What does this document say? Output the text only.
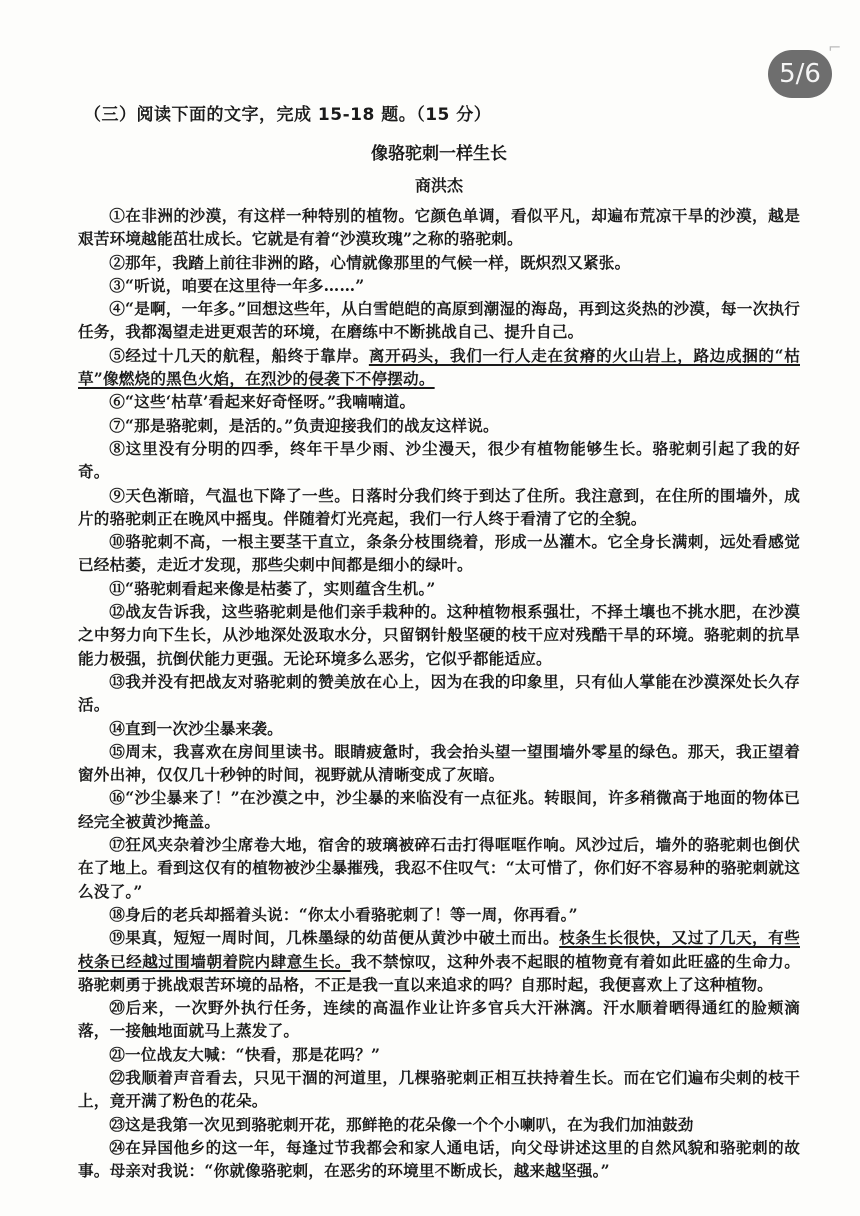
⌐
5/6
（三）阅读下面的文字，完成 15-18 题。（15 分）
像骆驼刺一样生长
商洪杰

①在非洲的沙漠，有这样一种特别的植物。它颜色单调，看似平凡，却遍布荒凉干旱的沙漠，越是艰苦环境越能茁壮成长。它就是有着“沙漠玫瑰”之称的骆驼刺。

②那年，我踏上前往非洲的路，心情就像那里的气候一样，既炽烈又紧张。

③“听说，咱要在这里待一年多……”

④“是啊，一年多。”回想这些年，从白雪皑皑的高原到潮湿的海岛，再到这炎热的沙漠，每一次执行任务，我都渴望走进更艰苦的环境，在磨练中不断挑战自己、提升自己。

⑤经过十几天的航程，船终于靠岸。离开码头，我们一行人走在贫瘠的火山岩上，路边成捆的“枯草”像燃烧的黑色火焰，在烈沙的侵袭下不停摆动。

⑥“这些‘枯草’看起来好奇怪呀。”我喃喃道。

⑦“那是骆驼刺，是活的。”负责迎接我们的战友这样说。

⑧这里没有分明的四季，终年干旱少雨、沙尘漫天，很少有植物能够生长。骆驼刺引起了我的好奇。

⑨天色渐暗，气温也下降了一些。日落时分我们终于到达了住所。我注意到，在住所的围墙外，成片的骆驼刺正在晚风中摇曳。伴随着灯光亮起，我们一行人终于看清了它的全貌。

⑩骆驼刺不高，一根主要茎干直立，条条分枝围绕着，形成一丛灌木。它全身长满刺，远处看感觉已经枯萎，走近才发现，那些尖刺中间都是细小的绿叶。

⑪“骆驼刺看起来像是枯萎了，实则蕴含生机。”

⑫战友告诉我，这些骆驼刺是他们亲手栽种的。这种植物根系强壮，不择土壤也不挑水肥，在沙漠之中努力向下生长，从沙地深处汲取水分，只留钢针般坚硬的枝干应对残酷干旱的环境。骆驼刺的抗旱能力极强，抗倒伏能力更强。无论环境多么恶劣，它似乎都能适应。

⑬我并没有把战友对骆驼刺的赞美放在心上，因为在我的印象里，只有仙人掌能在沙漠深处长久存活。

⑭直到一次沙尘暴来袭。

⑮周末，我喜欢在房间里读书。眼睛疲惫时，我会抬头望一望围墙外零星的绿色。那天，我正望着窗外出神，仅仅几十秒钟的时间，视野就从清晰变成了灰暗。

⑯“沙尘暴来了！”在沙漠之中，沙尘暴的来临没有一点征兆。转眼间，许多稍微高于地面的物体已经完全被黄沙掩盖。

⑰狂风夹杂着沙尘席卷大地，宿舍的玻璃被碎石击打得哐哐作响。风沙过后，墙外的骆驼刺也倒伏在了地上。看到这仅有的植物被沙尘暴摧残，我忍不住叹气：“太可惜了，你们好不容易种的骆驼刺就这么没了。”

⑱身后的老兵却摇着头说：“你太小看骆驼刺了！等一周，你再看。”

⑲果真，短短一周时间，几株墨绿的幼苗便从黄沙中破土而出。枝条生长很快，又过了几天，有些枝条已经越过围墙朝着院内肆意生长。我不禁惊叹，这种外表不起眼的植物竟有着如此旺盛的生命力。骆驼刺勇于挑战艰苦环境的品格，不正是我一直以来追求的吗？自那时起，我便喜欢上了这种植物。

⑳后来，一次野外执行任务，连续的高温作业让许多官兵大汗淋漓。汗水顺着晒得通红的脸颊滴落，一接触地面就马上蒸发了。

㉑一位战友大喊：“快看，那是花吗？”

㉒我顺着声音看去，只见干涸的河道里，几棵骆驼刺正相互扶持着生长。而在它们遍布尖刺的枝干上，竟开满了粉色的花朵。

㉓这是我第一次见到骆驼刺开花，那鲜艳的花朵像一个个小喇叭，在为我们加油鼓劲

㉔在异国他乡的这一年，每逢过节我都会和家人通电话，向父母讲述这里的自然风貌和骆驼刺的故事。母亲对我说：“你就像骆驼刺，在恶劣的环境里不断成长，越来越坚强。”
